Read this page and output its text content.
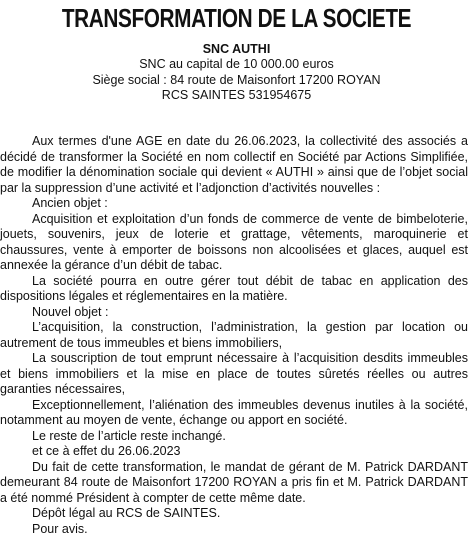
TRANSFORMATION DE LA SOCIETE
SNC AUTHI
SNC au capital de 10 000.00 euros
Siège social : 84 route de Maisonfort 17200 ROYAN
RCS SAINTES 531954675

Aux termes d'une AGE en date du 26.06.2023, la collectivité des associés a décidé de transformer la Société en nom collectif en Société par Actions Simplifiée, de modifier la dénomination sociale qui devient « AUTHI » ainsi que de l’objet social par la suppression d’une activité et l’adjonction d’activités nouvelles :

Ancien objet :

Acquisition et exploitation d’un fonds de commerce de vente de bimbeloterie, jouets, souvenirs, jeux de loterie et grattage, vêtements, maroquinerie et chaussures, vente à emporter de boissons non alcoolisées et glaces, auquel est annexée la gérance d’un débit de tabac.

La société pourra en outre gérer tout débit de tabac en application des dispositions légales et réglementaires en la matière.

Nouvel objet :

L’acquisition, la construction, l’administration, la gestion par location ou autrement de tous immeubles et biens immobiliers,

La souscription de tout emprunt nécessaire à l’acquisition desdits immeubles et biens immobiliers et la mise en place de toutes sûretés réelles ou autres garanties nécessaires,

Exceptionnellement, l’aliénation des immeubles devenus inutiles à la société, notamment au moyen de vente, échange ou apport en société.

Le reste de l’article reste inchangé.

et ce à effet du 26.06.2023

Du fait de cette transformation, le mandat de gérant de M. Patrick DARDANT demeurant 84 route de Maisonfort 17200 ROYAN a pris fin et M. Patrick DARDANT a été nommé Président à compter de cette même date.

Dépôt légal au RCS de SAINTES.

Pour avis.
